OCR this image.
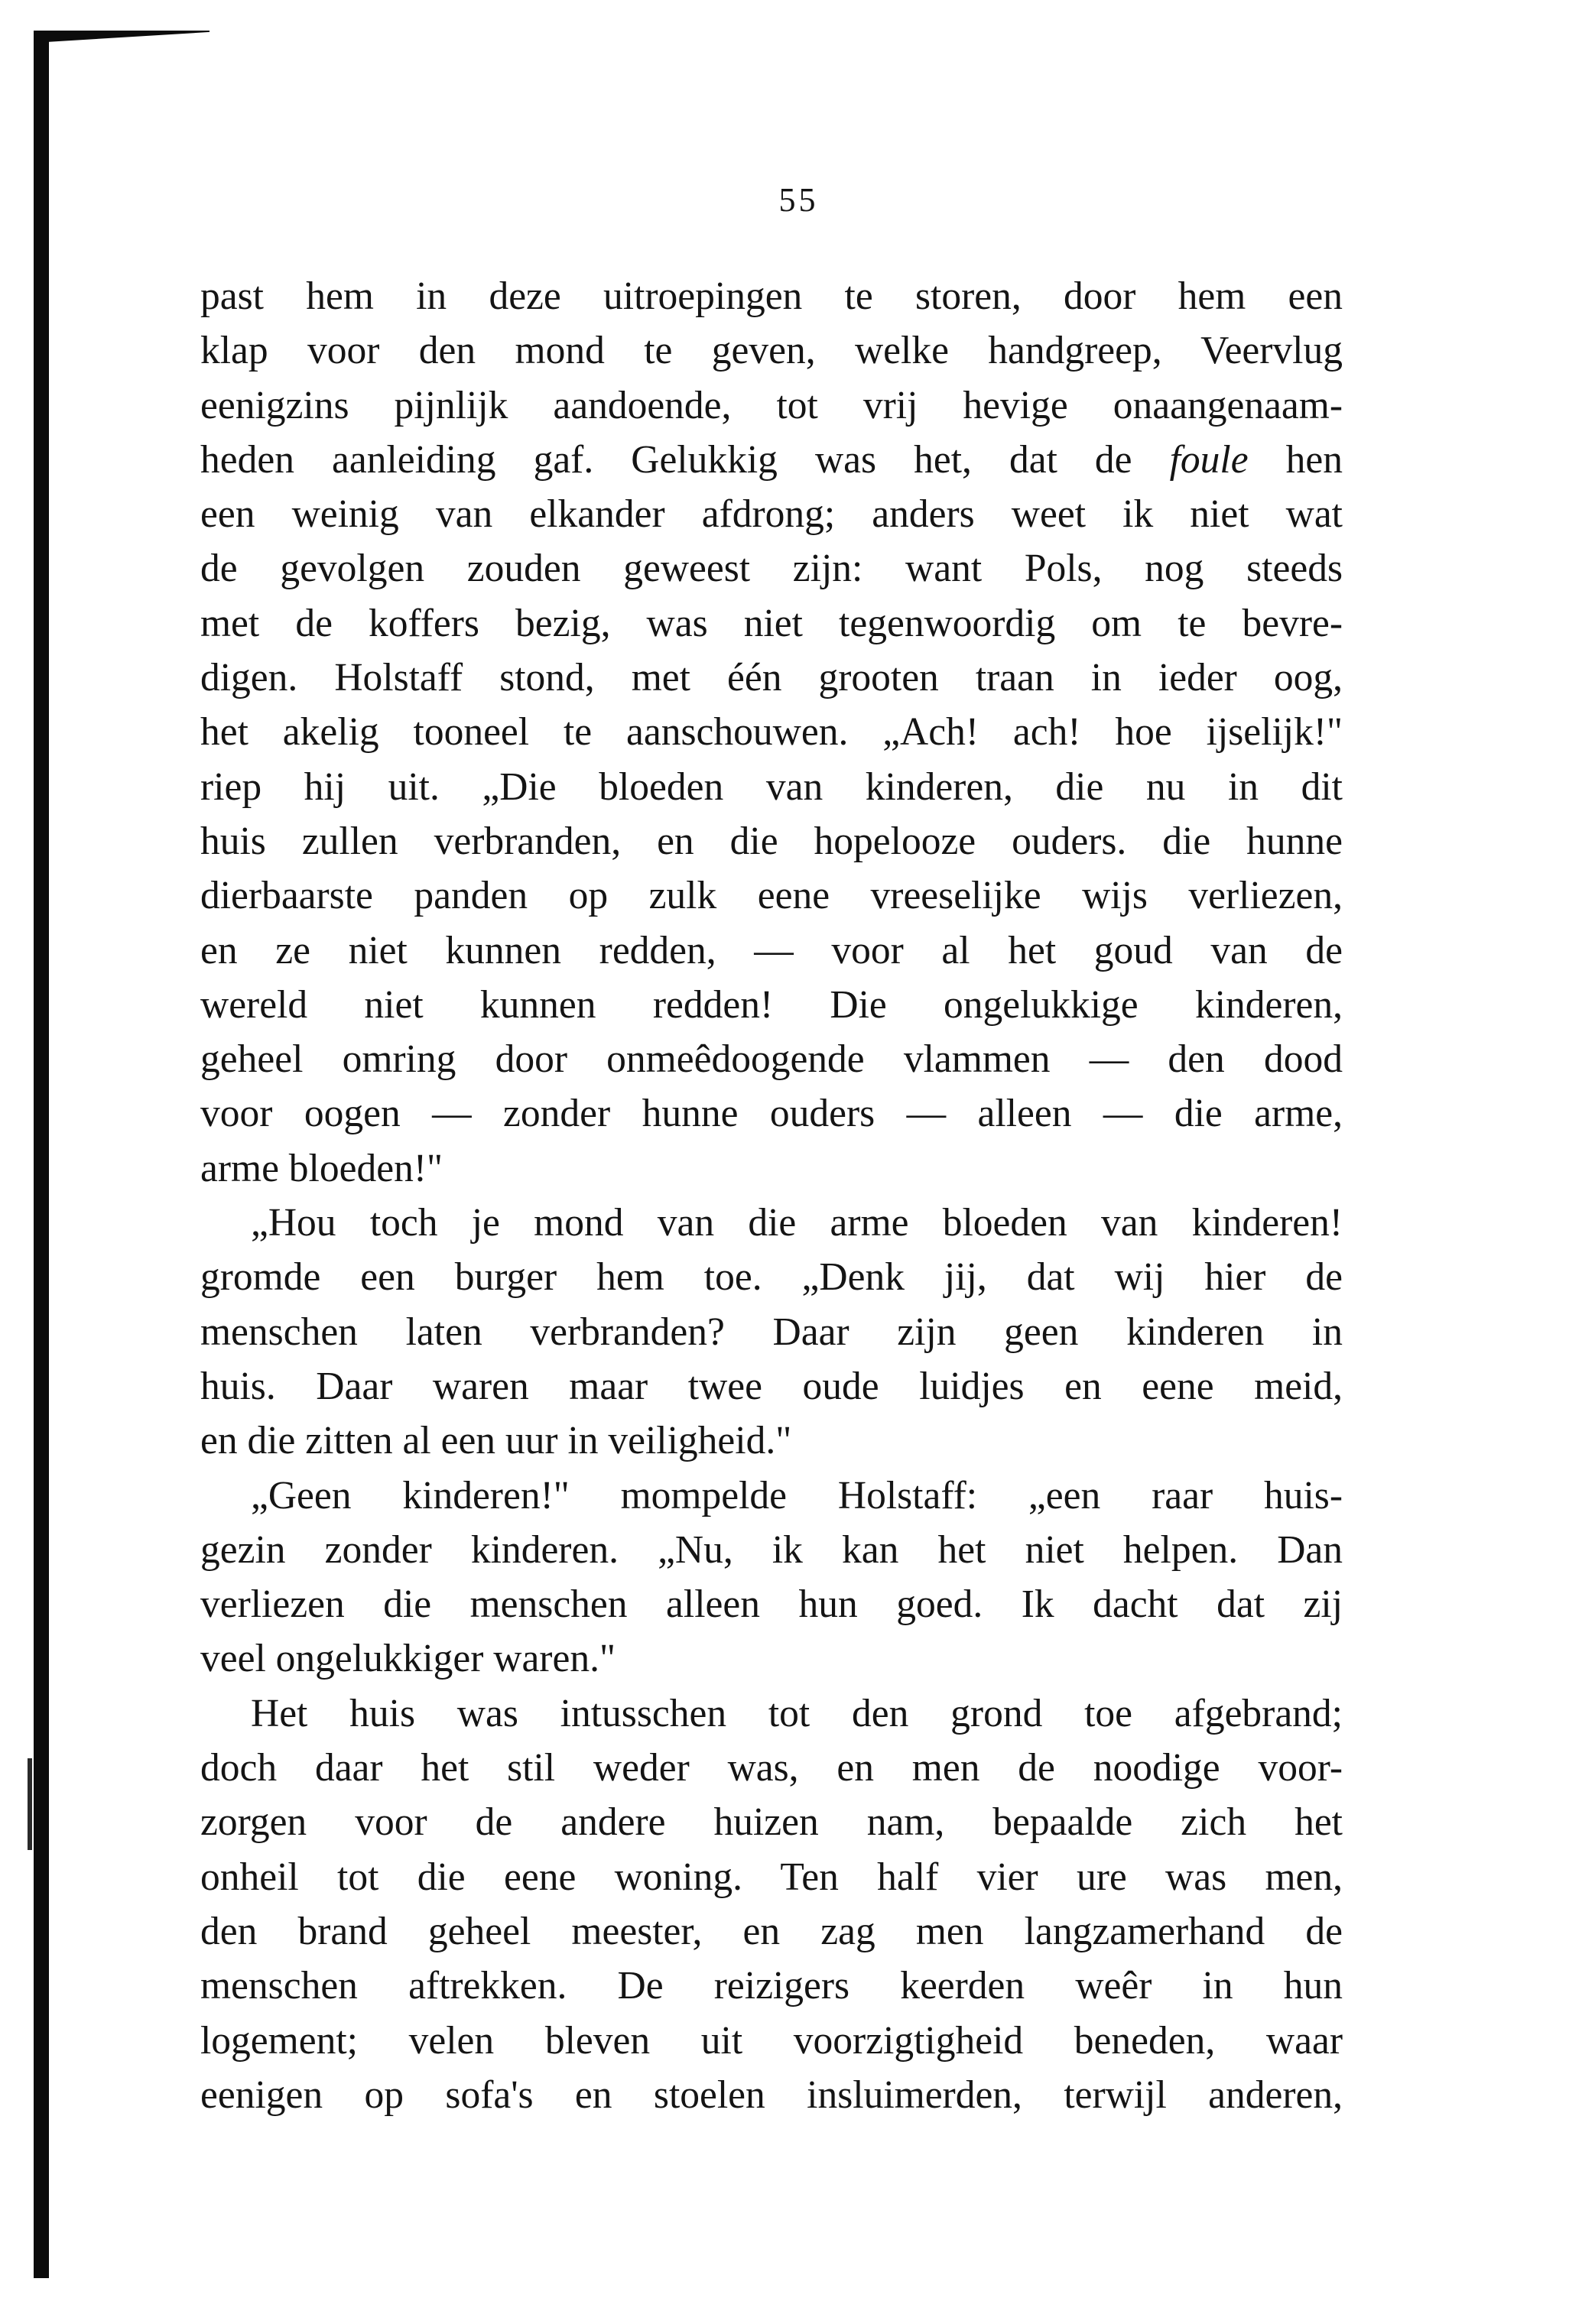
55
past hem in deze uitroepingen te storen, door hem een
klap voor den mond te geven, welke handgreep, Veervlug
eenigzins pijnlijk aandoende, tot vrij hevige onaangenaam-
heden aanleiding gaf. Gelukkig was het, dat de foule hen
een weinig van elkander afdrong; anders weet ik niet wat
de gevolgen zouden geweest zijn: want Pols, nog steeds
met de koffers bezig, was niet tegenwoordig om te bevre-
digen. Holstaff stond, met één grooten traan in ieder oog,
het akelig tooneel te aanschouwen. „Ach! ach! hoe ijselijk!"
riep hij uit. „Die bloeden van kinderen, die nu in dit
huis zullen verbranden, en die hopelooze ouders. die hunne
dierbaarste panden op zulk eene vreeselijke wijs verliezen,
en ze niet kunnen redden, — voor al het goud van de
wereld niet kunnen redden! Die ongelukkige kinderen,
geheel omring door onmeêdoogende vlammen — den dood
voor oogen — zonder hunne ouders — alleen — die arme,
arme bloeden!"
„Hou toch je mond van die arme bloeden van kinderen!
gromde een burger hem toe. „Denk jij, dat wij hier de
menschen laten verbranden? Daar zijn geen kinderen in
huis. Daar waren maar twee oude luidjes en eene meid,
en die zitten al een uur in veiligheid."
„Geen kinderen!" mompelde Holstaff: „een raar huis-
gezin zonder kinderen. „Nu, ik kan het niet helpen. Dan
verliezen die menschen alleen hun goed. Ik dacht dat zij
veel ongelukkiger waren."
Het huis was intusschen tot den grond toe afgebrand;
doch daar het stil weder was, en men de noodige voor-
zorgen voor de andere huizen nam, bepaalde zich het
onheil tot die eene woning. Ten half vier ure was men,
den brand geheel meester, en zag men langzamerhand de
menschen aftrekken. De reizigers keerden weêr in hun
logement; velen bleven uit voorzigtigheid beneden, waar
eenigen op sofa's en stoelen insluimerden, terwijl anderen,
